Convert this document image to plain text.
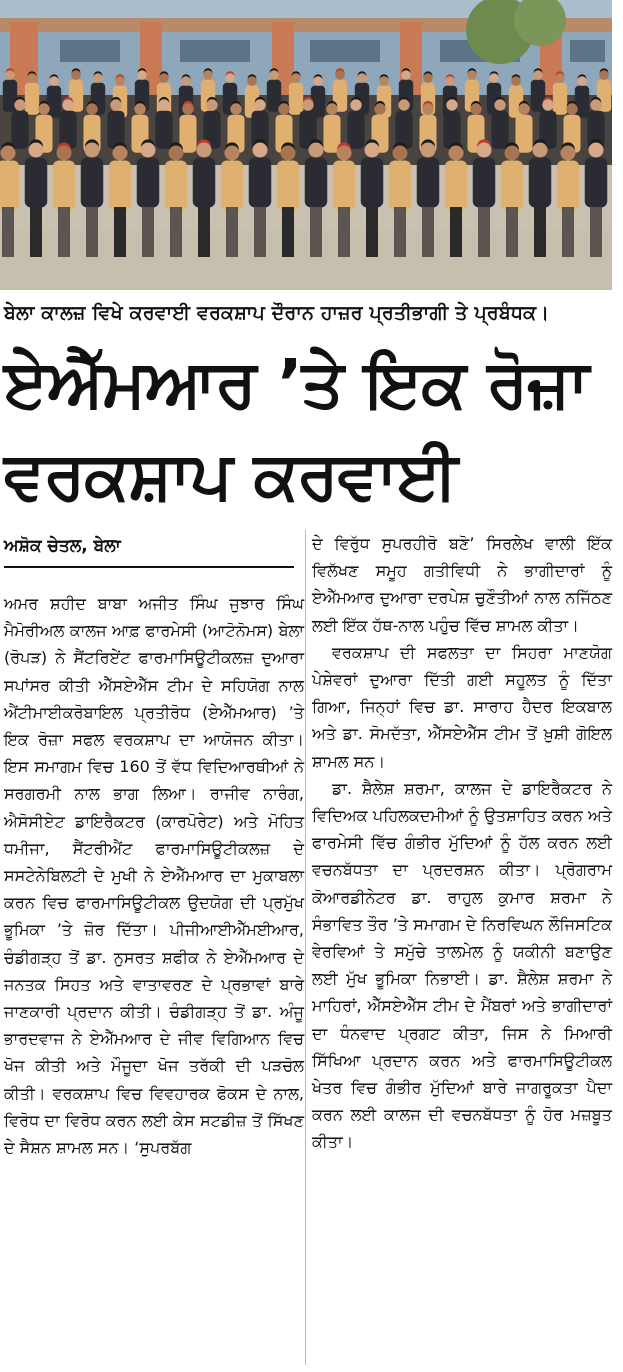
ਬੇਲਾ ਕਾਲਜ਼ ਵਿਖੇ ਕਰਵਾਈ ਵਰਕਸ਼ਾਪ ਦੌਰਾਨ ਹਾਜ਼ਰ ਪ੍ਰਤੀਭਾਗੀ ਤੇ ਪ੍ਰਬੰਧਕ।
ਏਐੱਮਆਰ ’ਤੇ ਇਕ ਰੋਜ਼ਾ
ਵਰਕਸ਼ਾਪ ਕਰਵਾਈ
ਅਸ਼ੋਕ ਚੇਤਲ, ਬੇਲਾ

ਅਮਰ ਸ਼ਹੀਦ ਬਾਬਾ ਅਜੀਤ ਸਿੰਘ ਜੁਝਾਰ ਸਿੰਘ ਮੈਮੋਰੀਅਲ ਕਾਲਜ ਆਫ਼ ਫਾਰਮੇਸੀ (ਆਟੋਨੋਮਸ) ਬੇਲਾ (ਰੋਪੜ) ਨੇ ਸੈਂਟਰਿਏਂਟ ਫਾਰਮਾਸਿਊਟੀਕਲਜ਼ ਦੁਆਰਾ ਸਪਾਂਸਰ ਕੀਤੀ ਐੱਸਏਐੱਸ ਟੀਮ ਦੇ ਸਹਿਯੋਗ ਨਾਲ ਐਂਟੀਮਾਈਕਰੋਬਾਇਲ ਪ੍ਰਤੀਰੋਧ (ਏਐੱਮਆਰ) ’ਤੇ ਇਕ ਰੋਜ਼ਾ ਸਫਲ ਵਰਕਸ਼ਾਪ ਦਾ ਆਯੋਜਨ ਕੀਤਾ। ਇਸ ਸਮਾਗਮ ਵਿਚ 160 ਤੋਂ ਵੱਧ ਵਿਦਿਆਰਥੀਆਂ ਨੇ ਸਰਗਰਮੀ ਨਾਲ ਭਾਗ ਲਿਆ। ਰਾਜੀਵ ਨਾਰੰਗ, ਐਸੋਸੀਏਟ ਡਾਇਰੈਕਟਰ (ਕਾਰਪੋਰੇਟ) ਅਤੇ ਮੋਹਿਤ ਧਮੀਜਾ, ਸੈਂਟਰੀਐਂਟ ਫਾਰਮਾਸਿਊਟੀਕਲਜ਼ ਦੇ ਸਸਟੇਨੇਬਿਲਟੀ ਦੇ ਮੁਖੀ ਨੇ ਏਐੱਮਆਰ ਦਾ ਮੁਕਾਬਲਾ ਕਰਨ ਵਿਚ ਫਾਰਮਾਸਿਊਟੀਕਲ ਉਦਯੋਗ ਦੀ ਪ੍ਰਮੁੱਖ ਭੂਮਿਕਾ ’ਤੇ ਜ਼ੋਰ ਦਿੱਤਾ। ਪੀਜੀਆਈਐੱਮਈਆਰ, ਚੰਡੀਗੜ੍ਹ ਤੋਂ ਡਾ. ਨੁਸਰਤ ਸ਼ਫੀਕ ਨੇ ਏਐੱਮਆਰ ਦੇ ਜਨਤਕ ਸਿਹਤ ਅਤੇ ਵਾਤਾਵਰਣ ਦੇ ਪ੍ਰਭਾਵਾਂ ਬਾਰੇ ਜਾਣਕਾਰੀ ਪ੍ਰਦਾਨ ਕੀਤੀ। ਚੰਡੀਗੜ੍ਹ ਤੋਂ ਡਾ. ਅੰਜੂ ਭਾਰਦਵਾਜ ਨੇ ਏਐੱਮਆਰ ਦੇ ਜੀਵ ਵਿਗਿਆਨ ਵਿਚ ਖੋਜ ਕੀਤੀ ਅਤੇ ਮੌਜੂਦਾ ਖੋਜ ਤਰੱਕੀ ਦੀ ਪੜਚੋਲ ਕੀਤੀ। ਵਰਕਸ਼ਾਪ ਵਿਚ ਵਿਵਹਾਰਕ ਫੋਕਸ ਦੇ ਨਾਲ, ਵਿਰੋਧ ਦਾ ਵਿਰੋਧ ਕਰਨ ਲਈ ਕੇਸ ਸਟਡੀਜ਼ ਤੋਂ ਸਿੱਖਣ ਦੇ ਸੈਸ਼ਨ ਸ਼ਾਮਲ ਸਨ। ‘ਸੁਪਰਬੱਗ

ਦੇ ਵਿਰੁੱਧ ਸੁਪਰਹੀਰੋ ਬਣੋ’ ਸਿਰਲੇਖ ਵਾਲੀ ਇੱਕ ਵਿਲੱਖਣ ਸਮੂਹ ਗਤੀਵਿਧੀ ਨੇ ਭਾਗੀਦਾਰਾਂ ਨੂੰ ਏਐੱਮਆਰ ਦੁਆਰਾ ਦਰਪੇਸ਼ ਚੁਣੌਤੀਆਂ ਨਾਲ ਨਜਿੱਠਣ ਲਈ ਇੱਕ ਹੱਥ-ਨਾਲ ਪਹੁੰਚ ਵਿੱਚ ਸ਼ਾਮਲ ਕੀਤਾ।

ਵਰਕਸ਼ਾਪ ਦੀ ਸਫਲਤਾ ਦਾ ਸਿਹਰਾ ਮਾਣਯੋਗ ਪੇਸ਼ੇਵਰਾਂ ਦੁਆਰਾ ਦਿੱਤੀ ਗਈ ਸਹੂਲਤ ਨੂੰ ਦਿੱਤਾ ਗਿਆ, ਜਿਨ੍ਹਾਂ ਵਿਚ ਡਾ. ਸਾਰਾਹ ਹੈਦਰ ਇਕਬਾਲ ਅਤੇ ਡਾ. ਸੋਮਦੱਤਾ, ਐੱਸਏਐੱਸ ਟੀਮ ਤੋਂ ਖ਼ੁਸ਼ੀ ਗੋਇਲ ਸ਼ਾਮਲ ਸਨ।

ਡਾ. ਸ਼ੈਲੇਸ਼ ਸ਼ਰਮਾ, ਕਾਲਜ ਦੇ ਡਾਇਰੈਕਟਰ ਨੇ ਵਿਦਿਅਕ ਪਹਿਲਕਦਮੀਆਂ ਨੂੰ ਉਤਸ਼ਾਹਿਤ ਕਰਨ ਅਤੇ ਫਾਰਮੇਸੀ ਵਿੱਚ ਗੰਭੀਰ ਮੁੱਦਿਆਂ ਨੂੰ ਹੱਲ ਕਰਨ ਲਈ ਵਚਨਬੱਧਤਾ ਦਾ ਪ੍ਰਦਰਸ਼ਨ ਕੀਤਾ। ਪ੍ਰੋਗਰਾਮ ਕੋਆਰਡੀਨੇਟਰ ਡਾ. ਰਾਹੁਲ ਕੁਮਾਰ ਸ਼ਰਮਾ ਨੇ ਸੰਭਾਵਿਤ ਤੌਰ ’ਤੇ ਸਮਾਗਮ ਦੇ ਨਿਰਵਿਘਨ ਲੌਜਿਸਟਿਕ ਵੇਰਵਿਆਂ ਤੇ ਸਮੁੱਚੇ ਤਾਲਮੇਲ ਨੂੰ ਯਕੀਨੀ ਬਣਾਉਣ ਲਈ ਮੁੱਖ ਭੂਮਿਕਾ ਨਿਭਾਈ। ਡਾ. ਸ਼ੈਲੇਸ਼ ਸ਼ਰਮਾ ਨੇ ਮਾਹਿਰਾਂ, ਐੱਸਏਐੱਸ ਟੀਮ ਦੇ ਮੈਂਬਰਾਂ ਅਤੇ ਭਾਗੀਦਾਰਾਂ ਦਾ ਧੰਨਵਾਦ ਪ੍ਰਗਟ ਕੀਤਾ, ਜਿਸ ਨੇ ਮਿਆਰੀ ਸਿੱਖਿਆ ਪ੍ਰਦਾਨ ਕਰਨ ਅਤੇ ਫਾਰਮਾਸਿਊਟੀਕਲ ਖੇਤਰ ਵਿਚ ਗੰਭੀਰ ਮੁੱਦਿਆਂ ਬਾਰੇ ਜਾਗਰੂਕਤਾ ਪੈਦਾ ਕਰਨ ਲਈ ਕਾਲਜ ਦੀ ਵਚਨਬੱਧਤਾ ਨੂੰ ਹੋਰ ਮਜ਼ਬੂਤ ਕੀਤਾ।
